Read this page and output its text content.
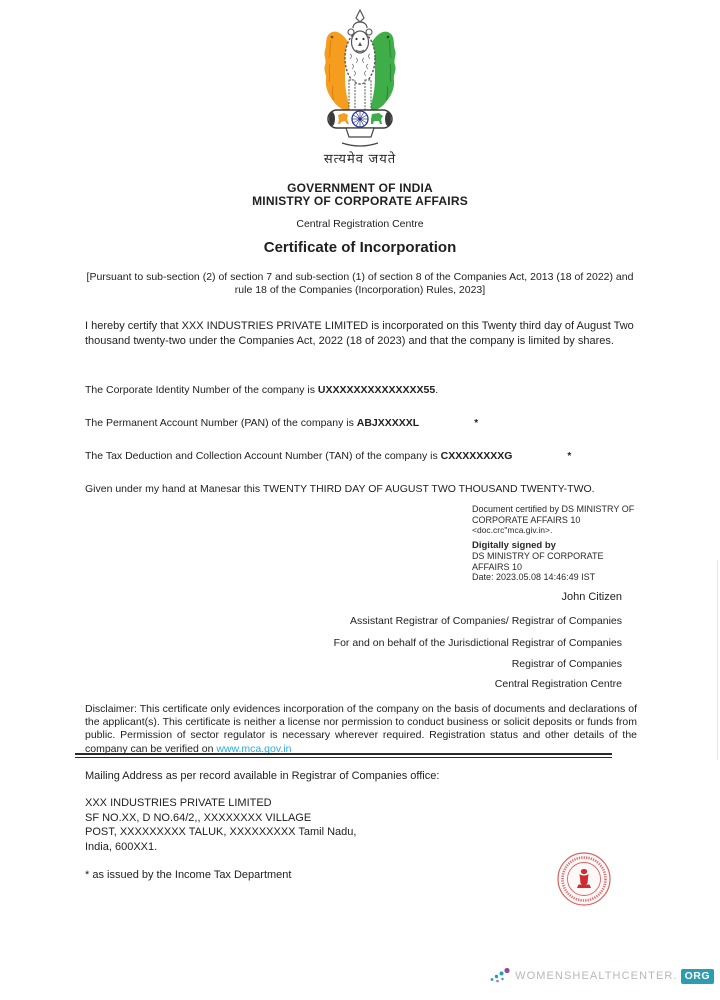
सत्यमेव जयते
GOVERNMENT OF INDIA
MINISTRY OF CORPORATE AFFAIRS
Central Registration Centre
Certificate of Incorporation
[Pursuant to sub-section (2) of section 7 and sub-section (1) of section 8 of the Companies Act, 2013 (18 of 2022) and rule 18 of the Companies (Incorporation) Rules, 2023]
I hereby certify that XXX INDUSTRIES PRIVATE LIMITED is incorporated on this Twenty third day of August Two thousand twenty-two under the Companies Act, 2022 (18 of 2023) and that the company is limited by shares.
The Corporate Identity Number of the company is UXXXXXXXXXXXXXX55.
The Permanent Account Number (PAN) of the company is ABJXXXXXL	*
The Tax Deduction and Collection Account Number (TAN) of the company is CXXXXXXXXG	*
Given under my hand at Manesar this TWENTY THIRD DAY OF AUGUST TWO THOUSAND TWENTY-TWO.
Document certified by DS MINISTRY OF
CORPORATE AFFAIRS 10
<doc.crc"mca.giv.in>.
Digitally signed by
DS MINISTRY OF CORPORATE
AFFAIRS 10
Date: 2023.05.08 14:46:49 IST
John Citizen
Assistant Registrar of Companies/ Registrar of Companies
For and on behalf of the Jurisdictional Registrar of Companies
Registrar of Companies
Central Registration Centre
Disclaimer: This certificate only evidences incorporation of the company on the basis of documents and declarations of the applicant(s). This certificate is neither a license nor permission to conduct business or solicit deposits or funds from public. Permission of sector regulator is necessary wherever required. Registration status and other details of the company can be verified on www.mca.gov.in
Mailing Address as per record available in Registrar of Companies office:
XXX INDUSTRIES PRIVATE LIMITED
SF NO.XX, D NO.64/2,, XXXXXXXX VILLAGE
POST, XXXXXXXXX TALUK, XXXXXXXXX Tamil Nadu,
India, 600XX1.
* as issued by the Income Tax Department
WOMENSHEALTHCENTER. ORG
